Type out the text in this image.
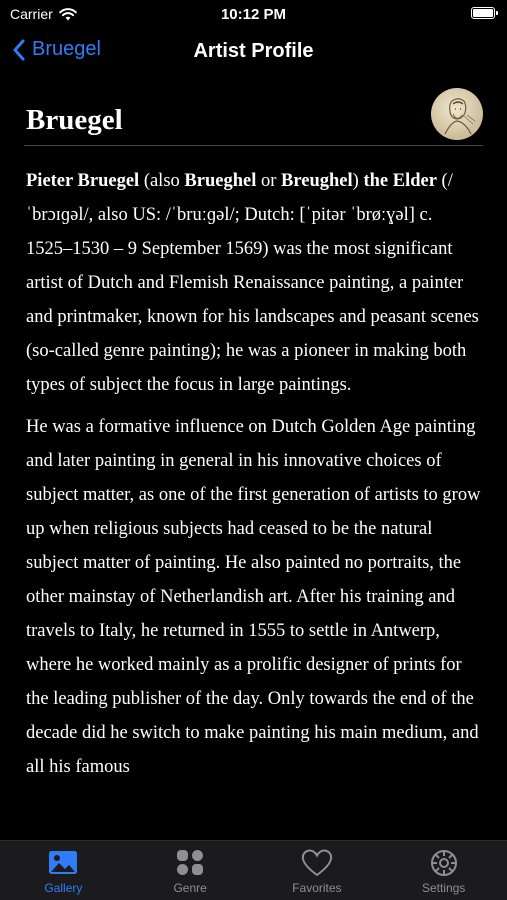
Carrier	10:12 PM
Bruegel	Artist Profile
Bruegel

Pieter Bruegel (also Brueghel or Breughel) the Elder (/ˈbrɔɪɡəl/, also US: /ˈbruːɡəl/; Dutch: [ˈpitər ˈbrøːɣəl] c. 1525–1530 – 9 September 1569) was the most significant artist of Dutch and Flemish Renaissance painting, a painter and printmaker, known for his landscapes and peasant scenes (so-called genre painting); he was a pioneer in making both types of subject the focus in large paintings.

He was a formative influence on Dutch Golden Age painting and later painting in general in his innovative choices of subject matter, as one of the first generation of artists to grow up when religious subjects had ceased to be the natural subject matter of painting. He also painted no portraits, the other mainstay of Netherlandish art. After his training and travels to Italy, he returned in 1555 to settle in Antwerp, where he worked mainly as a prolific designer of prints for the leading publisher of the day. Only towards the end of the decade did he switch to make painting his main medium, and all his famous

Gallery	Genre	Favorites	Settings
